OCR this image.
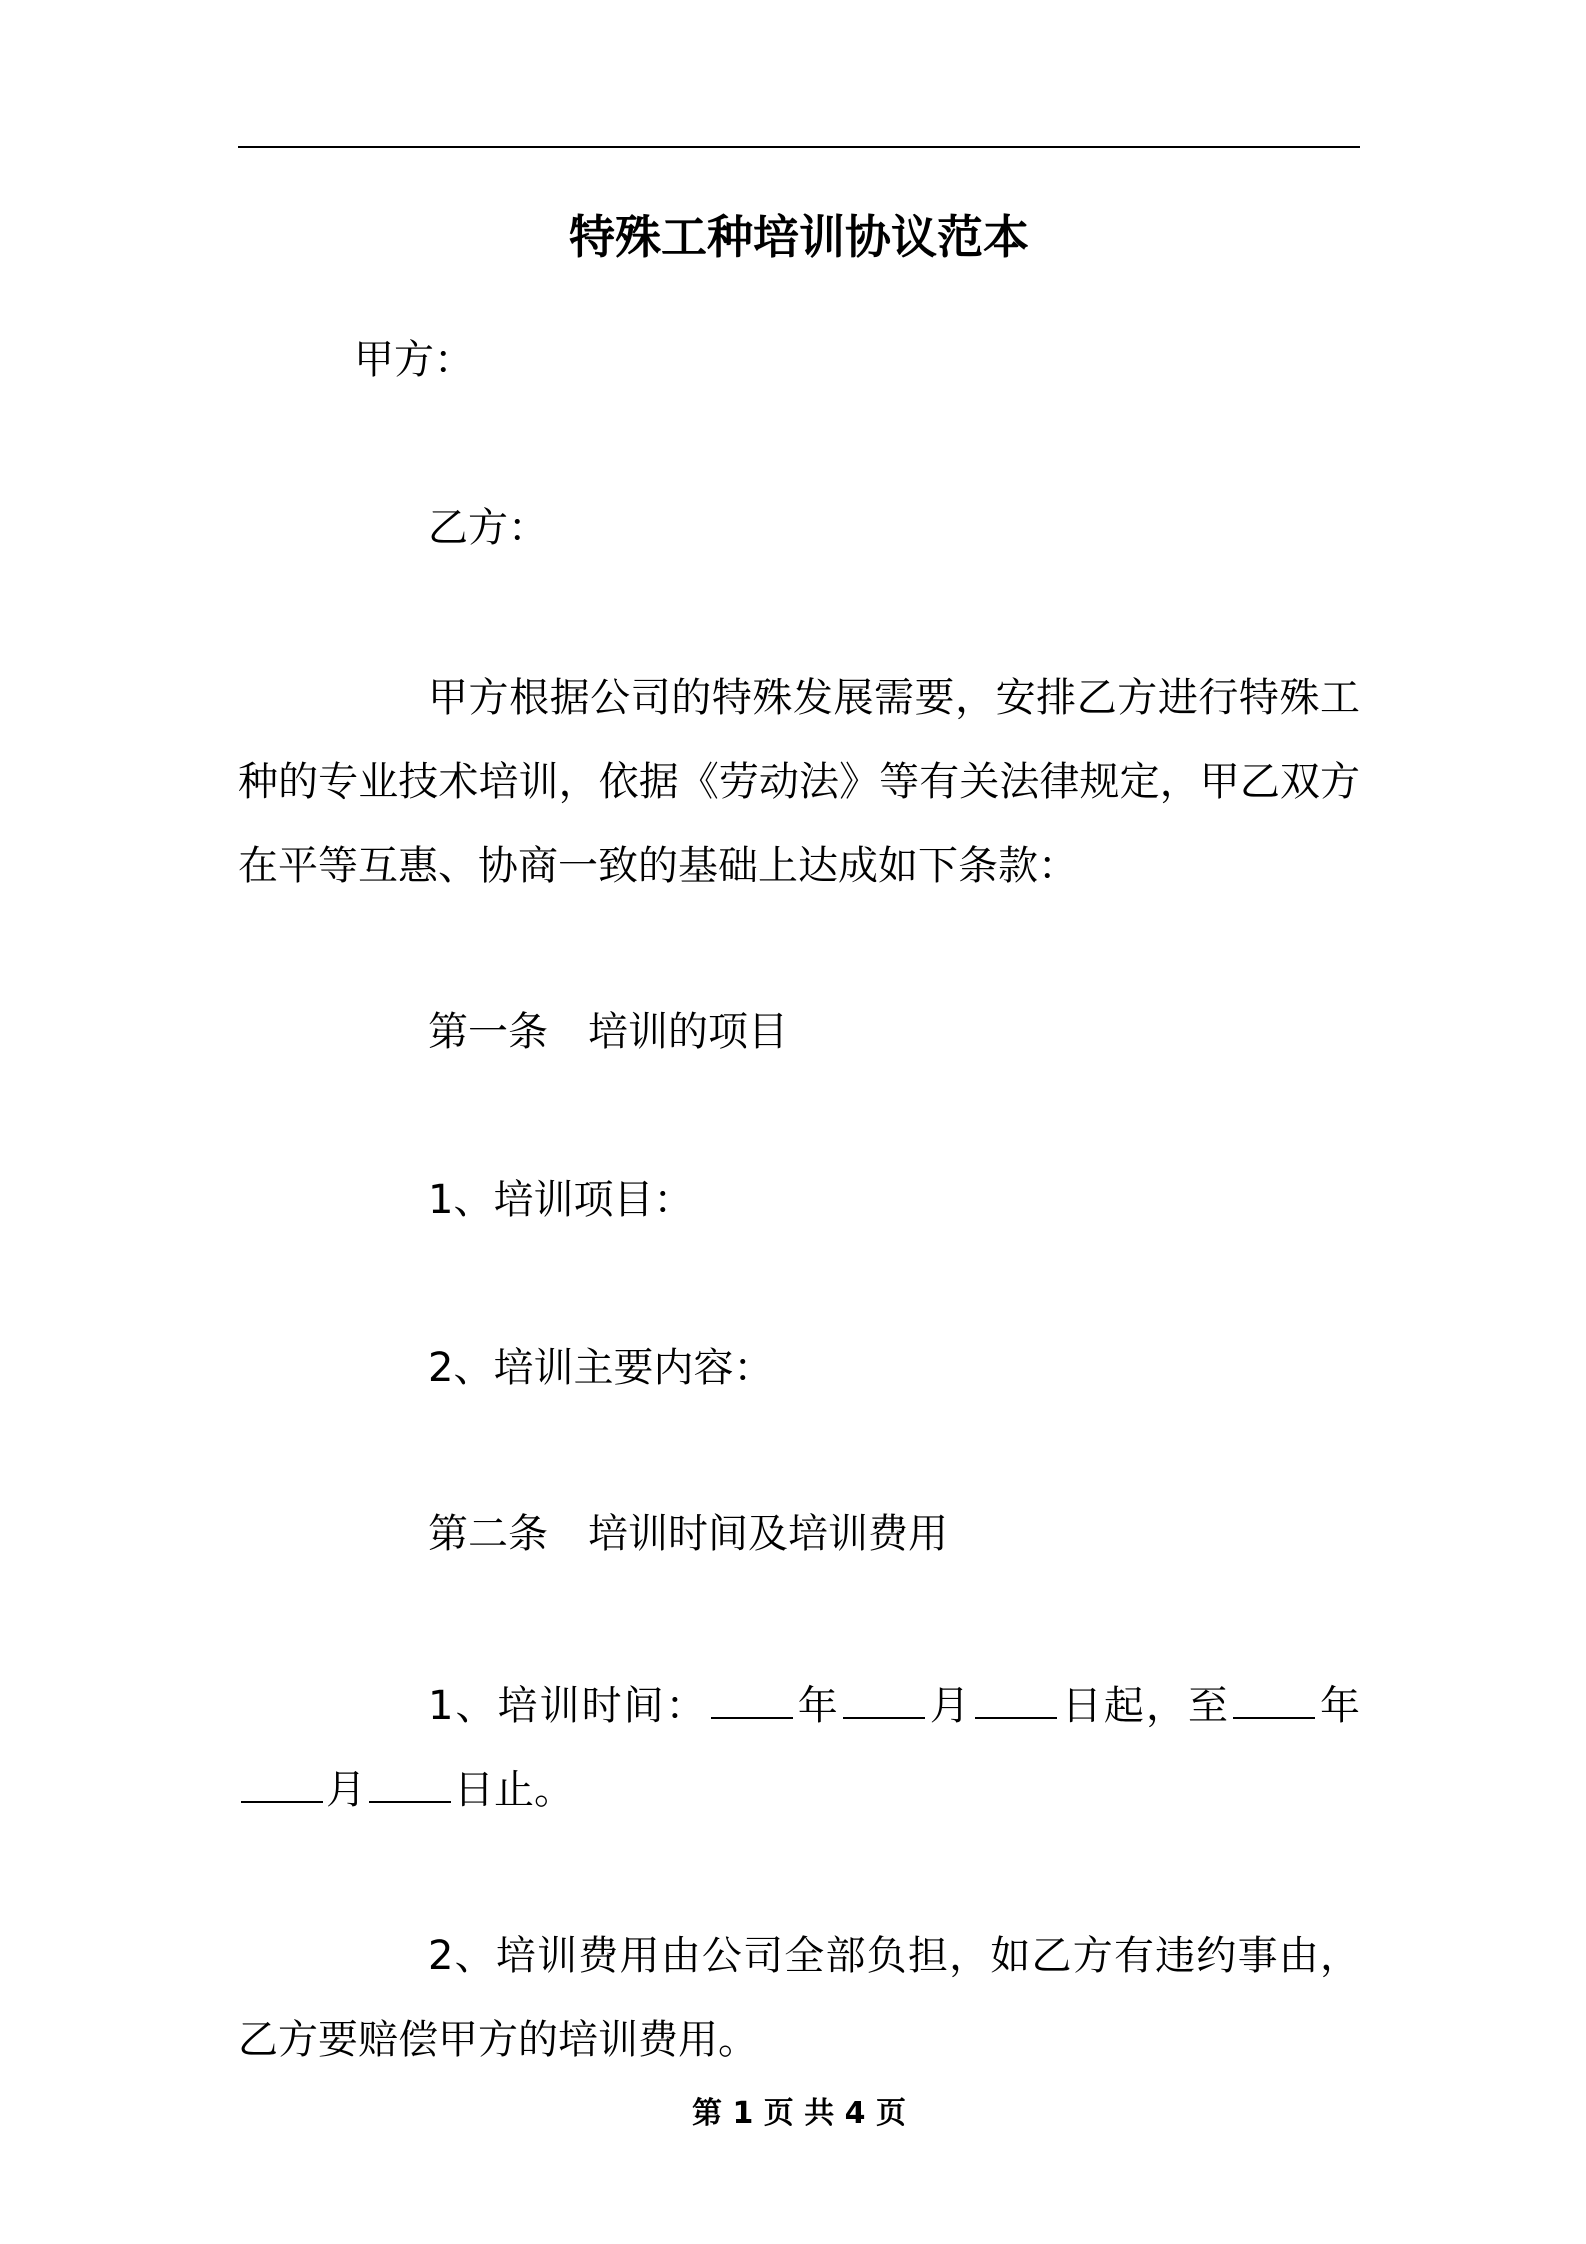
特殊工种培训协议范本
甲方：
乙方：
甲方根据公司的特殊发展需要，安排乙方进行特殊工种的专业技术培训，依据《劳动法》等有关法律规定，甲乙双方在平等互惠、协商一致的基础上达成如下条款：
第一条　培训的项目
1、培训项目：
2、培训主要内容：
第二条　培训时间及培训费用
1、培训时间： 年 月 日起，至 年月 日止。
2、培训费用由公司全部负担，如乙方有违约事由，乙方要赔偿甲方的培训费用。
第 1 页 共 4 页
